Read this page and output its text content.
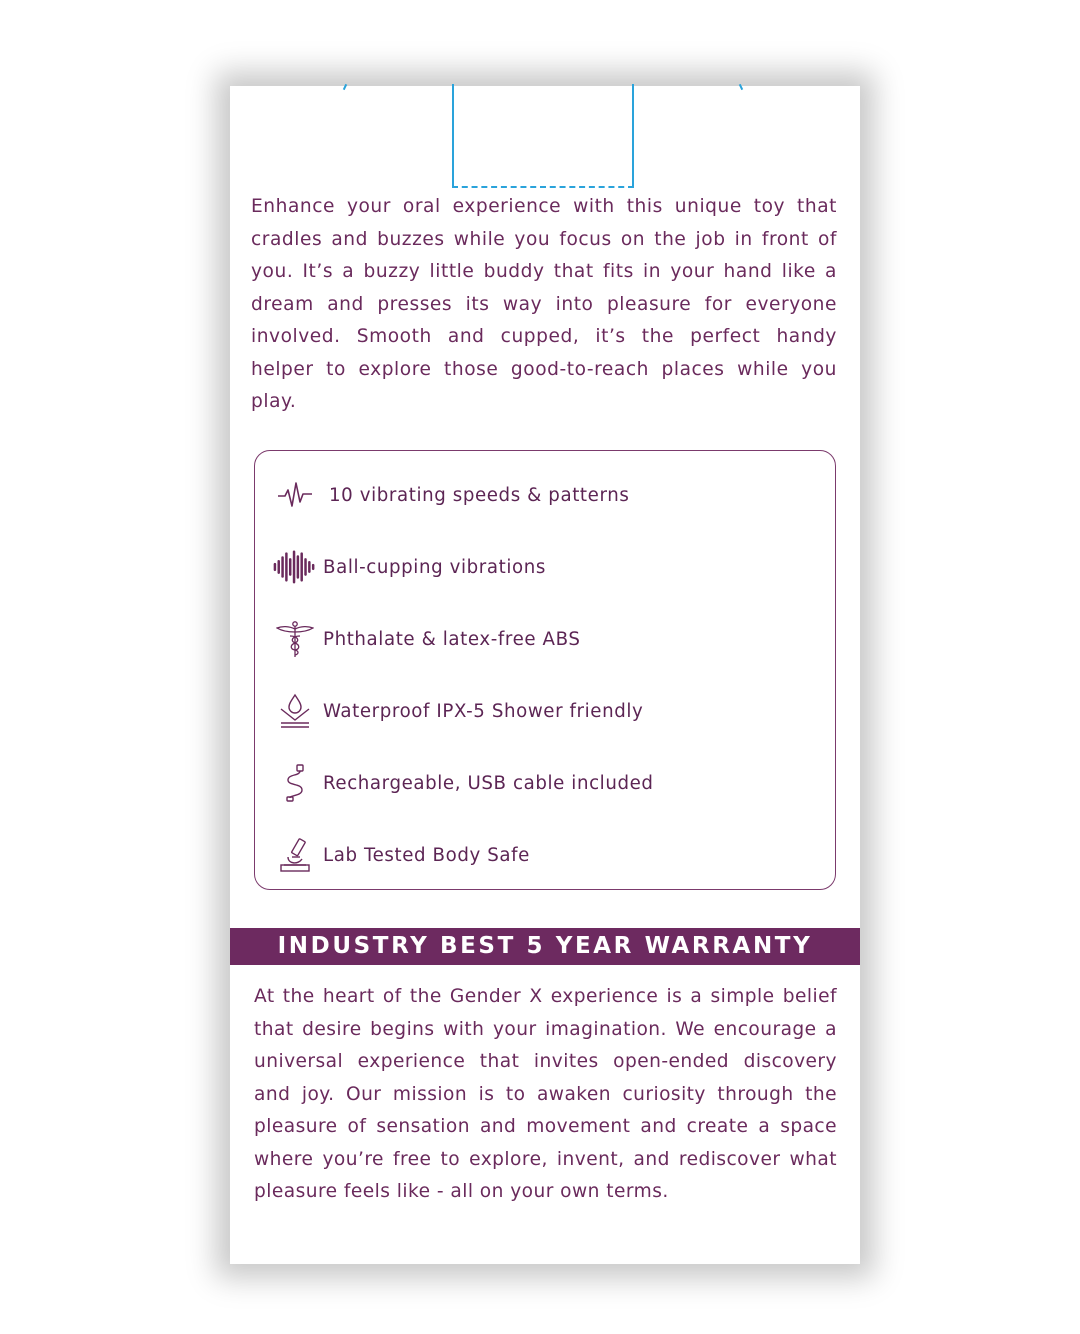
Enhance your oral experience with this unique toy that cradles and buzzes while you focus on the job in front of you. It’s a buzzy little buddy that fits in your hand like a dream and presses its way into pleasure for everyone involved. Smooth and cupped, it’s the perfect handy helper to explore those good-to-reach places while you play.

10 vibrating speeds & patterns
Ball-cupping vibrations
Phthalate & latex-free ABS
Waterproof IPX-5 Shower friendly
Rechargeable, USB cable included
Lab Tested Body Safe
INDUSTRY BEST 5 YEAR WARRANTY

At the heart of the Gender X experience is a simple belief that desire begins with your imagination. We encourage a universal experience that invites open-ended discovery and joy. Our mission is to awaken curiosity through the pleasure of sensation and movement and create a space where you’re free to explore, invent, and rediscover what pleasure feels like - all on your own terms.
